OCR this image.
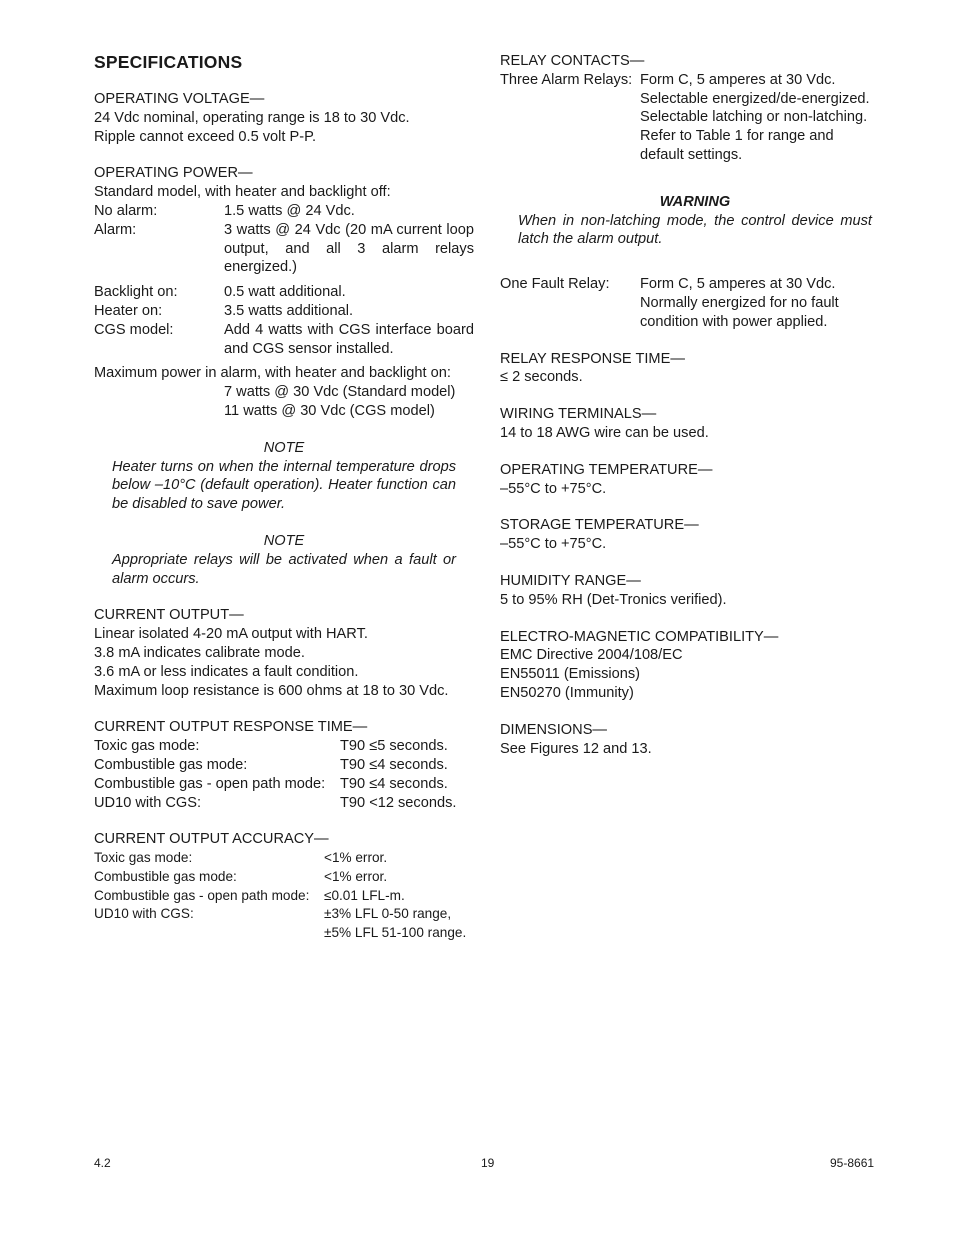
SPECIFICATIONS
OPERATING VOLTAGE—
24 Vdc nominal, operating range is 18 to 30 Vdc.
Ripple cannot exceed 0.5 volt P-P.
OPERATING POWER—
Standard model, with heater and backlight off:
No alarm:	1.5 watts @ 24 Vdc.
Alarm:	3 watts @ 24 Vdc (20 mA current loop output, and all 3 alarm relays energized.)
Backlight on:	0.5 watt additional.
Heater on:	3.5 watts additional.
CGS model:	Add 4 watts with CGS interface board and CGS sensor installed.
Maximum power in alarm, with heater and backlight on:
7 watts @ 30 Vdc (Standard model)
11 watts @ 30 Vdc (CGS model)
NOTE
Heater turns on when the internal temperature drops below –10°C (default operation). Heater function can be disabled to save power.
NOTE
Appropriate relays will be activated when a fault or alarm occurs.
CURRENT OUTPUT—
Linear isolated 4-20 mA output with HART.
3.8 mA indicates calibrate mode.
3.6 mA or less indicates a fault condition.
Maximum loop resistance is 600 ohms at 18 to 30 Vdc.
CURRENT OUTPUT RESPONSE TIME—
Toxic gas mode:	T90 ≤5 seconds.
Combustible gas mode:	T90 ≤4 seconds.
Combustible gas - open path mode:	T90 ≤4 seconds.
UD10 with CGS:	T90 <12 seconds.
CURRENT OUTPUT ACCURACY—
Toxic gas mode:	<1% error.
Combustible gas mode:	<1% error.
Combustible gas - open path mode:	≤0.01 LFL-m.
UD10 with CGS:	±3% LFL 0-50 range,
±5% LFL 51-100 range.
RELAY CONTACTS—
Three Alarm Relays: Form C, 5 amperes at 30 Vdc.
Selectable energized/de-energized.
Selectable latching or non-latching.
Refer to Table 1 for range and
default settings.
WARNING
When in non-latching mode, the control device must latch the alarm output.
One Fault Relay:	Form C, 5 amperes at 30 Vdc.
Normally energized for no fault
condition with power applied.
RELAY RESPONSE TIME—
≤ 2 seconds.
WIRING TERMINALS—
14 to 18 AWG wire can be used.
OPERATING TEMPERATURE—
–55°C to +75°C.
STORAGE TEMPERATURE—
–55°C to +75°C.
HUMIDITY RANGE—
5 to 95% RH (Det-Tronics verified).
ELECTRO-MAGNETIC COMPATIBILITY—
EMC Directive 2004/108/EC
EN55011 (Emissions)
EN50270 (Immunity)
DIMENSIONS—
See Figures 12 and 13.
4.2	19	95-8661
